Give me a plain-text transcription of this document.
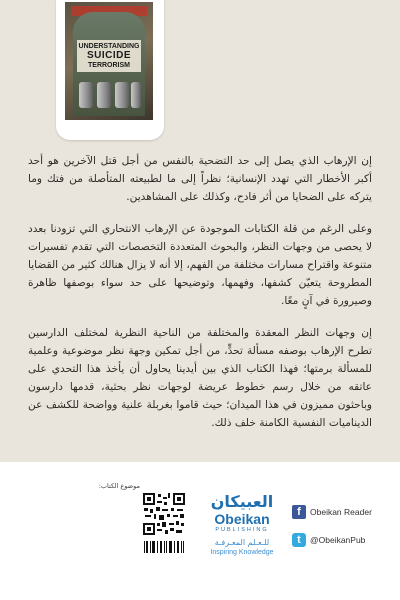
UNDERSTANDING
SUICIDE
TERRORISM

إن الإرهاب الذي يصل إلى حد التضحية بالنفس من أجل قتل الآخرين هو أحد أكبر الأخطار التي تهدد الإنسانية؛ نظراً إلى ما لطبيعته المتأصلة من فتك وما يتركه على الضحايا من أثر فادح، وكذلك على المشاهدين.

وعلى الرغم من قلة الكتابات الموجودة عن الإرهاب الانتحاري التي تزودنا بعدد لا يحصى من وجهات النظر، والبحوث المتعددة التخصصات التي تقدم تفسيرات متنوعة واقتراح مسارات مختلفة من الفهم، إلا أنه لا يزال هنالك كثير من القضايا المطروحة يتعيّن كشفها، وفهمها، وتوضيحها على حد سواء بوصفها ظاهرة وصيرورة في آنٍ معًا.

إن وجهات النظر المعقدة والمختلفة من الناحية النظرية لمختلف الدارسين تطرح الإرهاب بوصفه مسألة تحدٍّ، من أجل تمكين وجهة نظر موضوعية وعلمية للمسألة برمتها؛ فهذا الكتاب الذي بين أيدينا يحاول أن يأخذ هذا التحدي على عاتقه من خلال رسم خطوط عريضة لوجهات نظر بحثية، قدمها دارسون وباحثون مميزون في هذا الميدان؛ حيث قاموا بغربلة علنية وواضحة للكشف عن الديناميات النفسية الكامنة خلف ذلك.

موضوع الكتاب:
العبيكان
Obeikan
PUBLISHING
للـعـلم المعـرفـة
Inspiring Knowledge
f	Obeikan Reader
t	@ObeikanPub
